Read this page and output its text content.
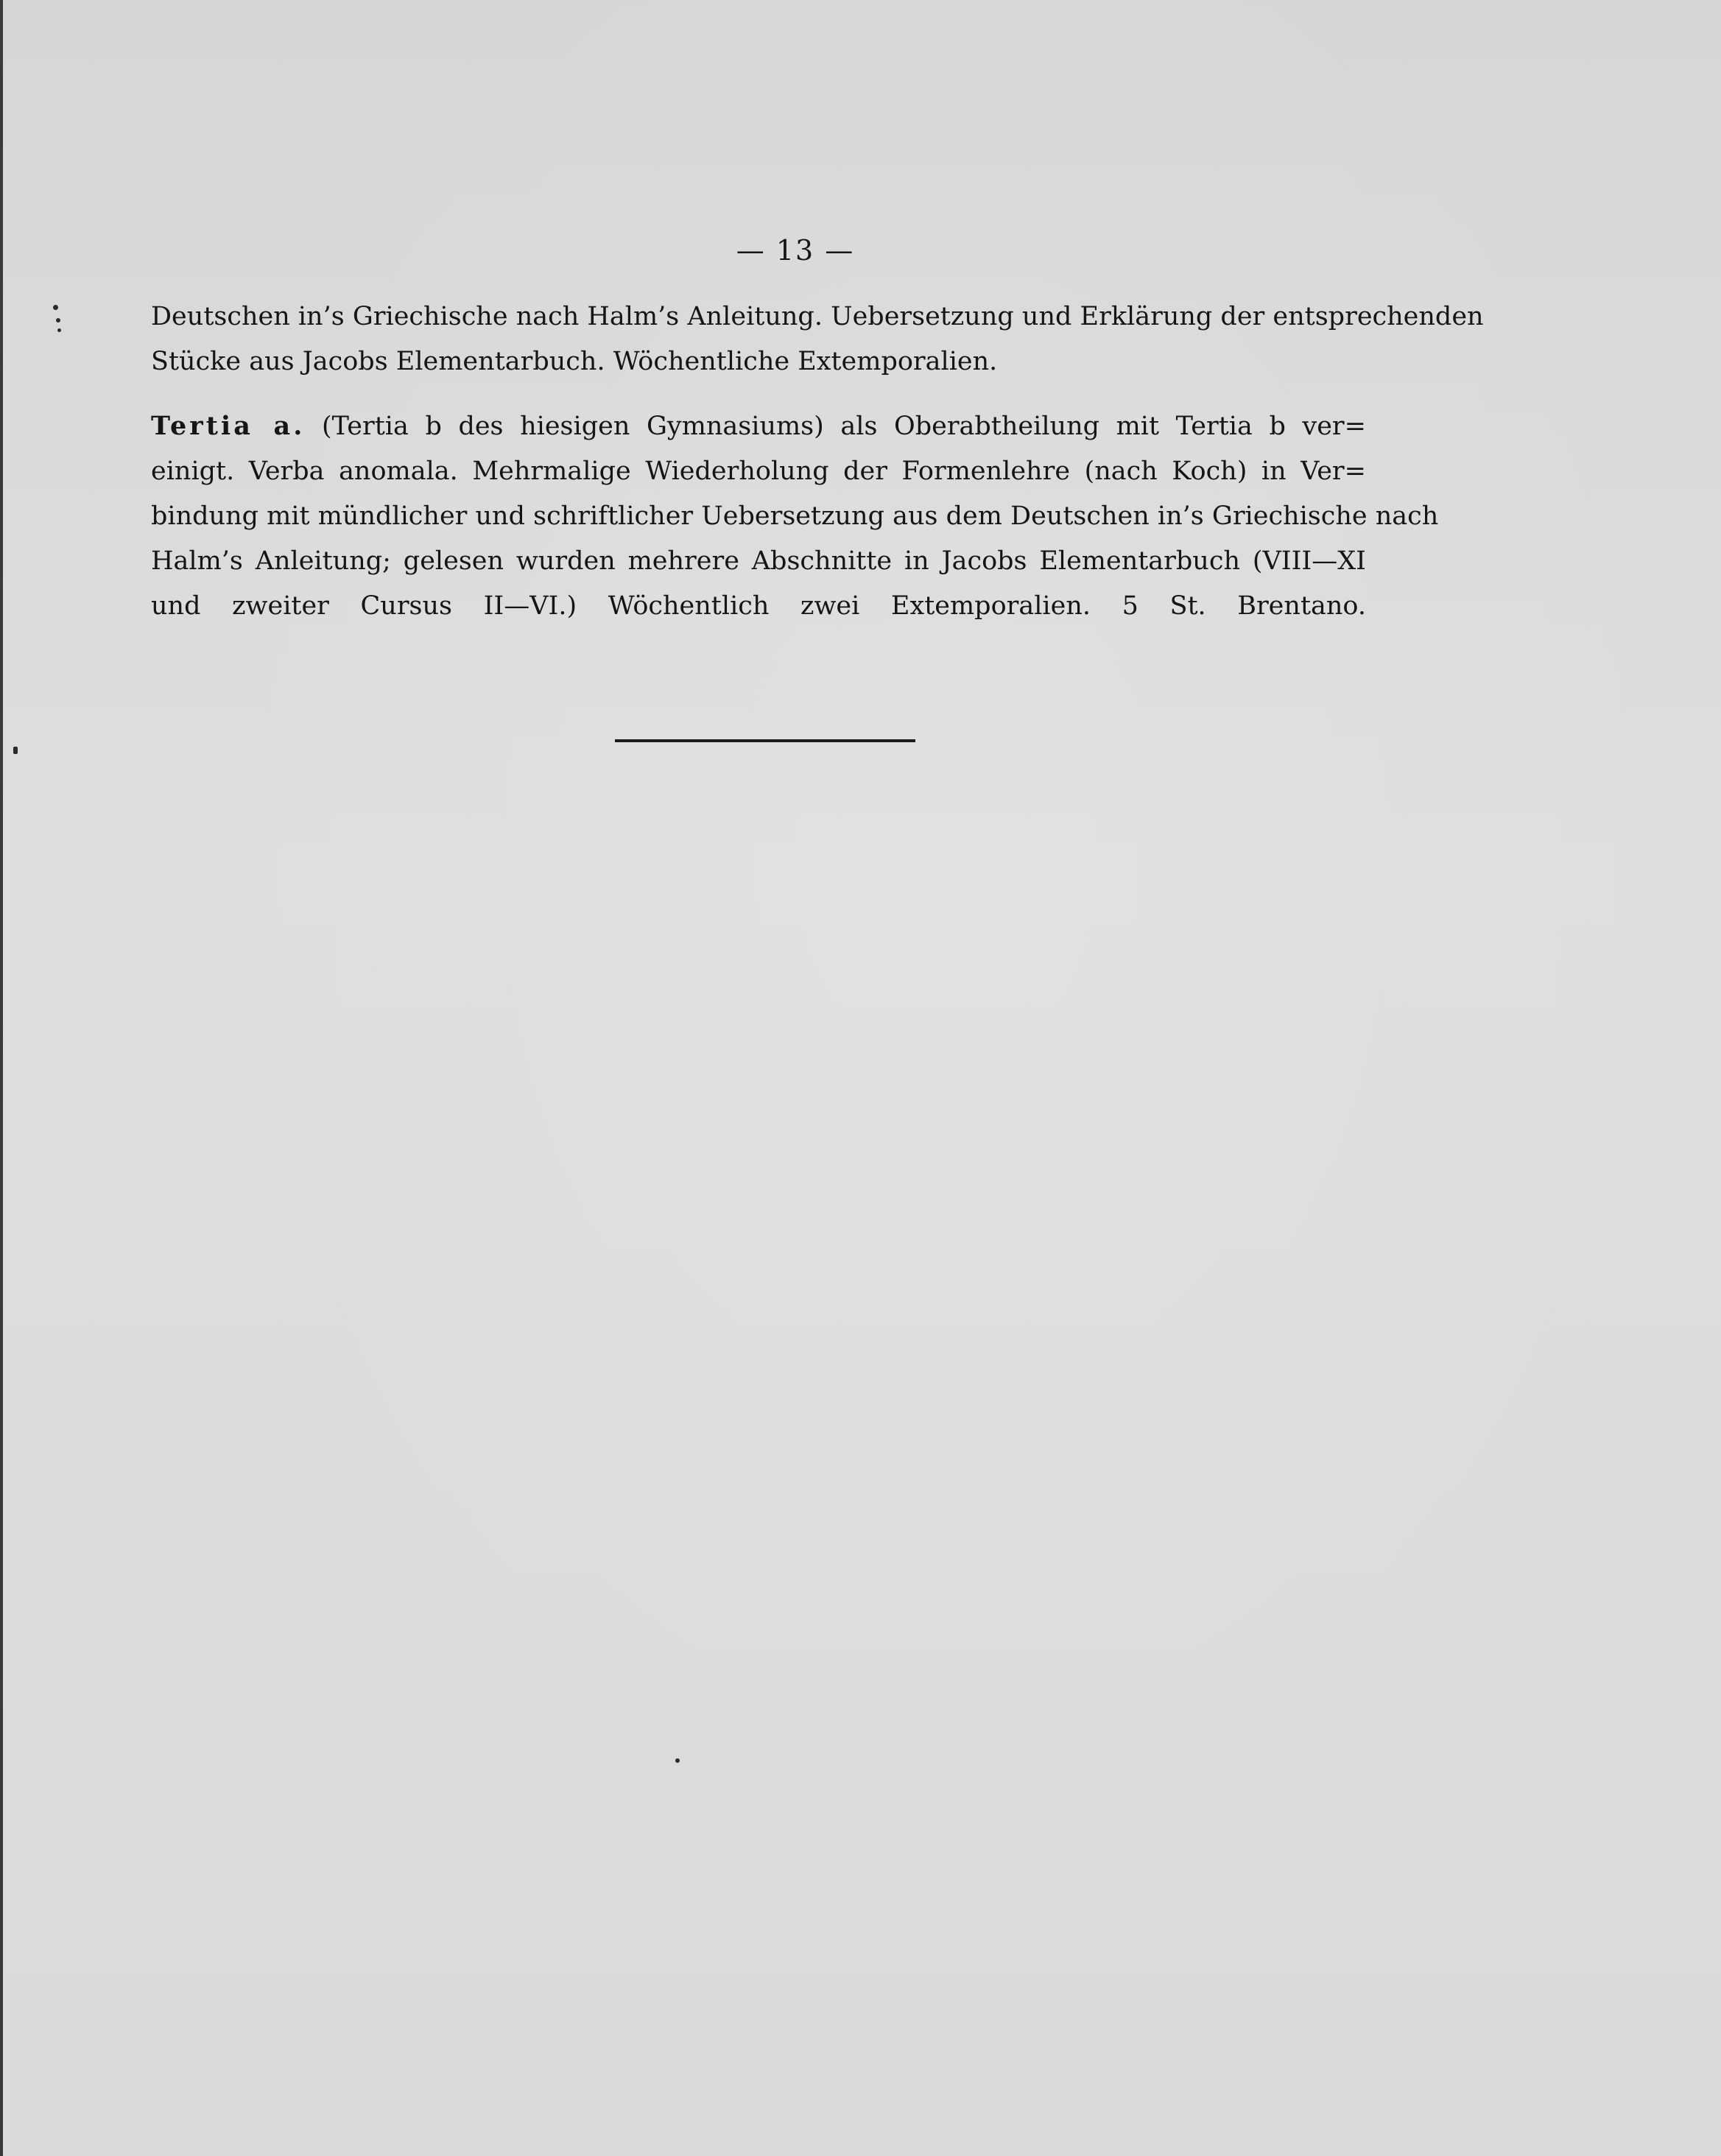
— 13 —

Deutschen in’s Griechische nach Halm’s Anleitung. Uebersetzung und Erklärung der entsprechenden
Stücke aus Jacobs Elementarbuch. Wöchentliche Extemporalien.

Tertia a. (Tertia b des hiesigen Gymnasiums) als Oberabtheilung mit Tertia b ver=
einigt. Verba anomala. Mehrmalige Wiederholung der Formenlehre (nach Koch) in Ver=
bindung mit mündlicher und schriftlicher Uebersetzung aus dem Deutschen in’s Griechische nach
Halm’s Anleitung; gelesen wurden mehrere Abschnitte in Jacobs Elementarbuch (VIII—XI
und zweiter Cursus II—VI.) Wöchentlich zwei Extemporalien. 5 St. Brentano.
